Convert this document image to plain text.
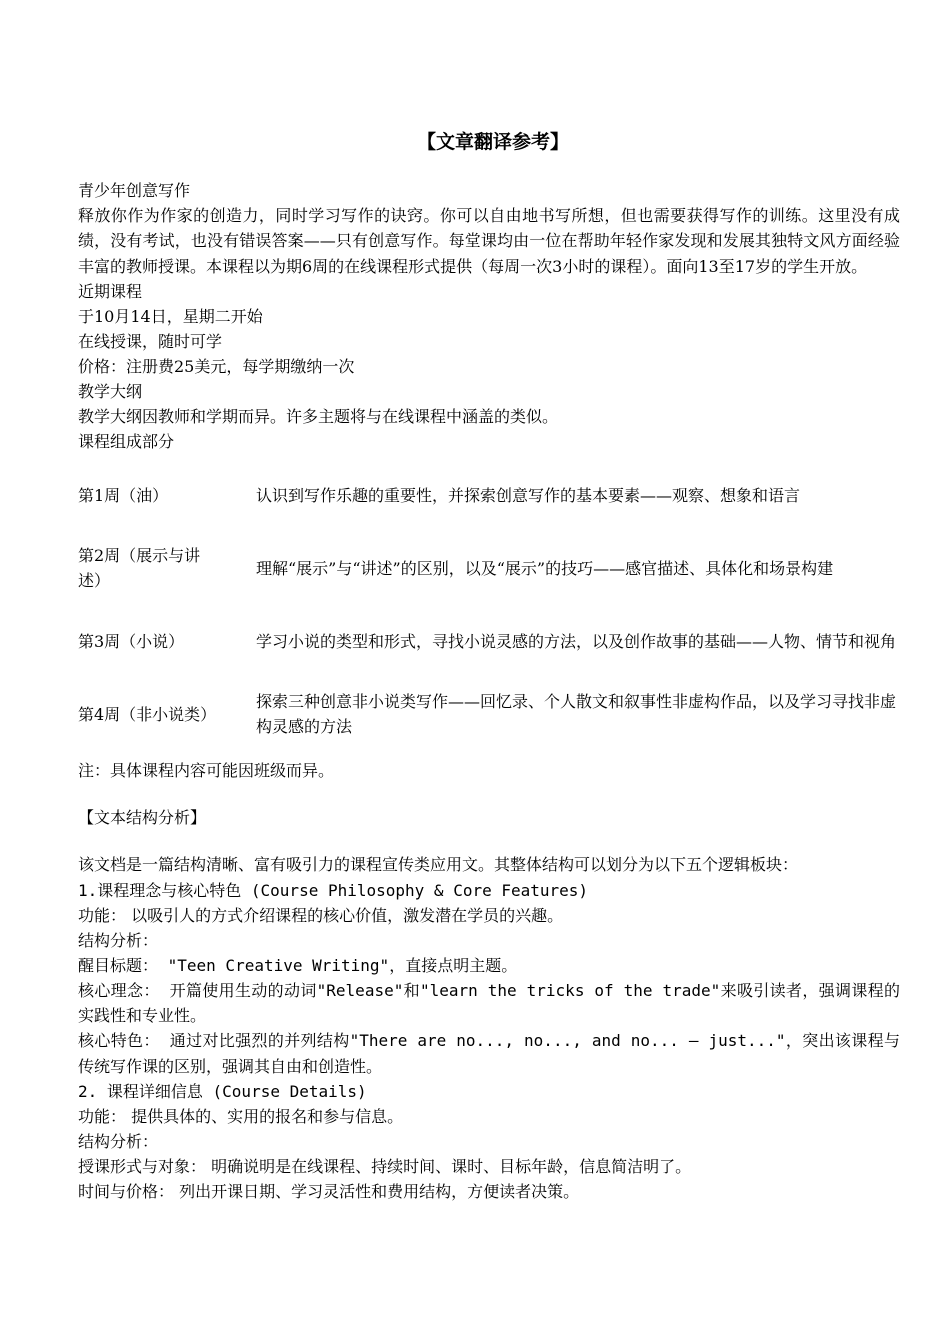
【文章翻译参考】

青少年创意写作

释放你作为作家的创造力，同时学习写作的诀窍。你可以自由地书写所想，但也需要获得写作的训练。这里没有成绩，没有考试，也没有错误答案——只有创意写作。每堂课均由一位在帮助年轻作家发现和发展其独特文风方面经验丰富的教师授课。本课程以为期6周的在线课程形式提供（每周一次3小时的课程）。面向13至17岁的学生开放。

近期课程

于10月14日，星期二开始

在线授课，随时可学

价格：注册费25美元，每学期缴纳一次

教学大纲

教学大纲因教师和学期而异。许多主题将与在线课程中涵盖的类似。

课程组成部分

第1周（油）	认识到写作乐趣的重要性，并探索创意写作的基本要素——观察、想象和语言
第2周（展示与讲述）
理解“展示”与“讲述”的区别，以及“展示”的技巧——感官描述、具体化和场景构建
第3周（小说）	学习小说的类型和形式，寻找小说灵感的方法，以及创作故事的基础——人物、情节和视角
第4周（非小说类）
探索三种创意非小说类写作——回忆录、个人散文和叙事性非虚构作品，以及学习寻找非虚构灵感的方法

注：具体课程内容可能因班级而异。

【文本结构分析】

该文档是一篇结构清晰、富有吸引力的课程宣传类应用文。其整体结构可以划分为以下五个逻辑板块：

1.课程理念与核心特色 (Course Philosophy & Core Features)

功能： 以吸引人的方式介绍课程的核心价值，激发潜在学员的兴趣。

结构分析：

醒目标题： "Teen Creative Writing"，直接点明主题。

核心理念： 开篇使用生动的动词"Release"和"learn the tricks of the trade"来吸引读者，强调课程的实践性和专业性。

核心特色： 通过对比强烈的并列结构"There are no..., no..., and no... — just..."，突出该课程与传统写作课的区别，强调其自由和创造性。

2. 课程详细信息 (Course Details)

功能： 提供具体的、实用的报名和参与信息。

结构分析：

授课形式与对象： 明确说明是在线课程、持续时间、课时、目标年龄，信息简洁明了。

时间与价格： 列出开课日期、学习灵活性和费用结构，方便读者决策。
